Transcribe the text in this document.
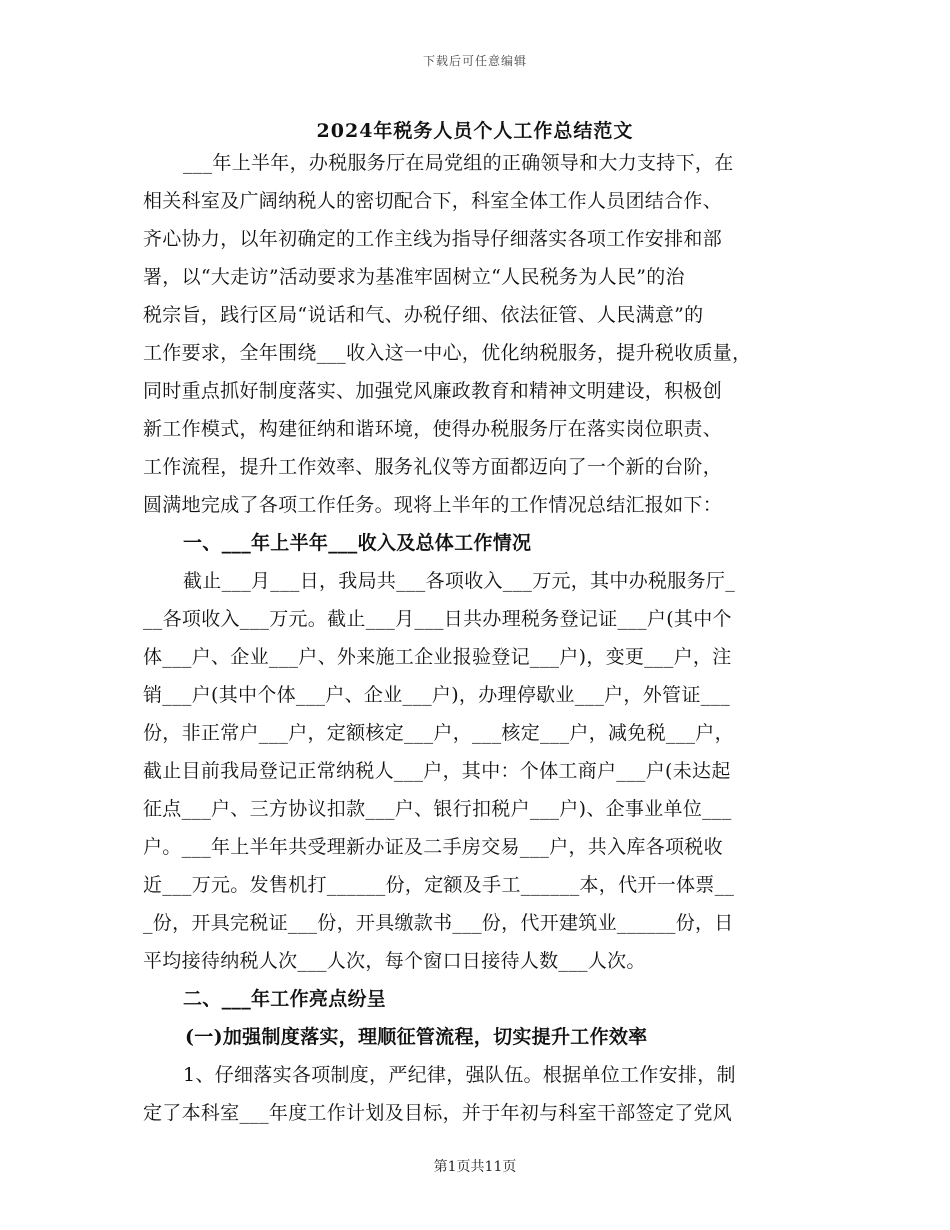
下载后可任意编辑
2024年税务人员个人工作总结范文
___年上半年，办税服务厅在局党组的正确领导和大力支持下，在
相关科室及广阔纳税人的密切配合下，科室全体工作人员团结合作、
齐心协力，以年初确定的工作主线为指导仔细落实各项工作安排和部
署，以“大走访”活动要求为基准牢固树立“人民税务为人民”的治
税宗旨，践行区局“说话和气、办税仔细、依法征管、人民满意”的
工作要求，全年围绕___收入这一中心，优化纳税服务，提升税收质量，
同时重点抓好制度落实、加强党风廉政教育和精神文明建设，积极创
新工作模式，构建征纳和谐环境，使得办税服务厅在落实岗位职责、
工作流程，提升工作效率、服务礼仪等方面都迈向了一个新的台阶，
圆满地完成了各项工作任务。现将上半年的工作情况总结汇报如下：
一、___年上半年___收入及总体工作情况
截止___月___日，我局共___各项收入___万元，其中办税服务厅_
__各项收入___万元。截止___月___日共办理税务登记证___户(其中个
体___户、企业___户、外来施工企业报验登记___户)，变更___户，注
销___户(其中个体___户、企业___户)，办理停歇业___户，外管证___
份，非正常户___户，定额核定___户，___核定___户，减免税___户，
截止目前我局登记正常纳税人___户，其中：个体工商户___户(未达起
征点___户、三方协议扣款___户、银行扣税户___户)、企事业单位___
户。___年上半年共受理新办证及二手房交易___户，共入库各项税收
近___万元。发售机打______份，定额及手工______本，代开一体票__
_份，开具完税证___份，开具缴款书___份，代开建筑业______份，日
平均接待纳税人次___人次，每个窗口日接待人数___人次。
二、___年工作亮点纷呈
(一)加强制度落实，理顺征管流程，切实提升工作效率
1、仔细落实各项制度，严纪律，强队伍。根据单位工作安排，制
定了本科室___年度工作计划及目标，并于年初与科室干部签定了党风
第1页共11页
